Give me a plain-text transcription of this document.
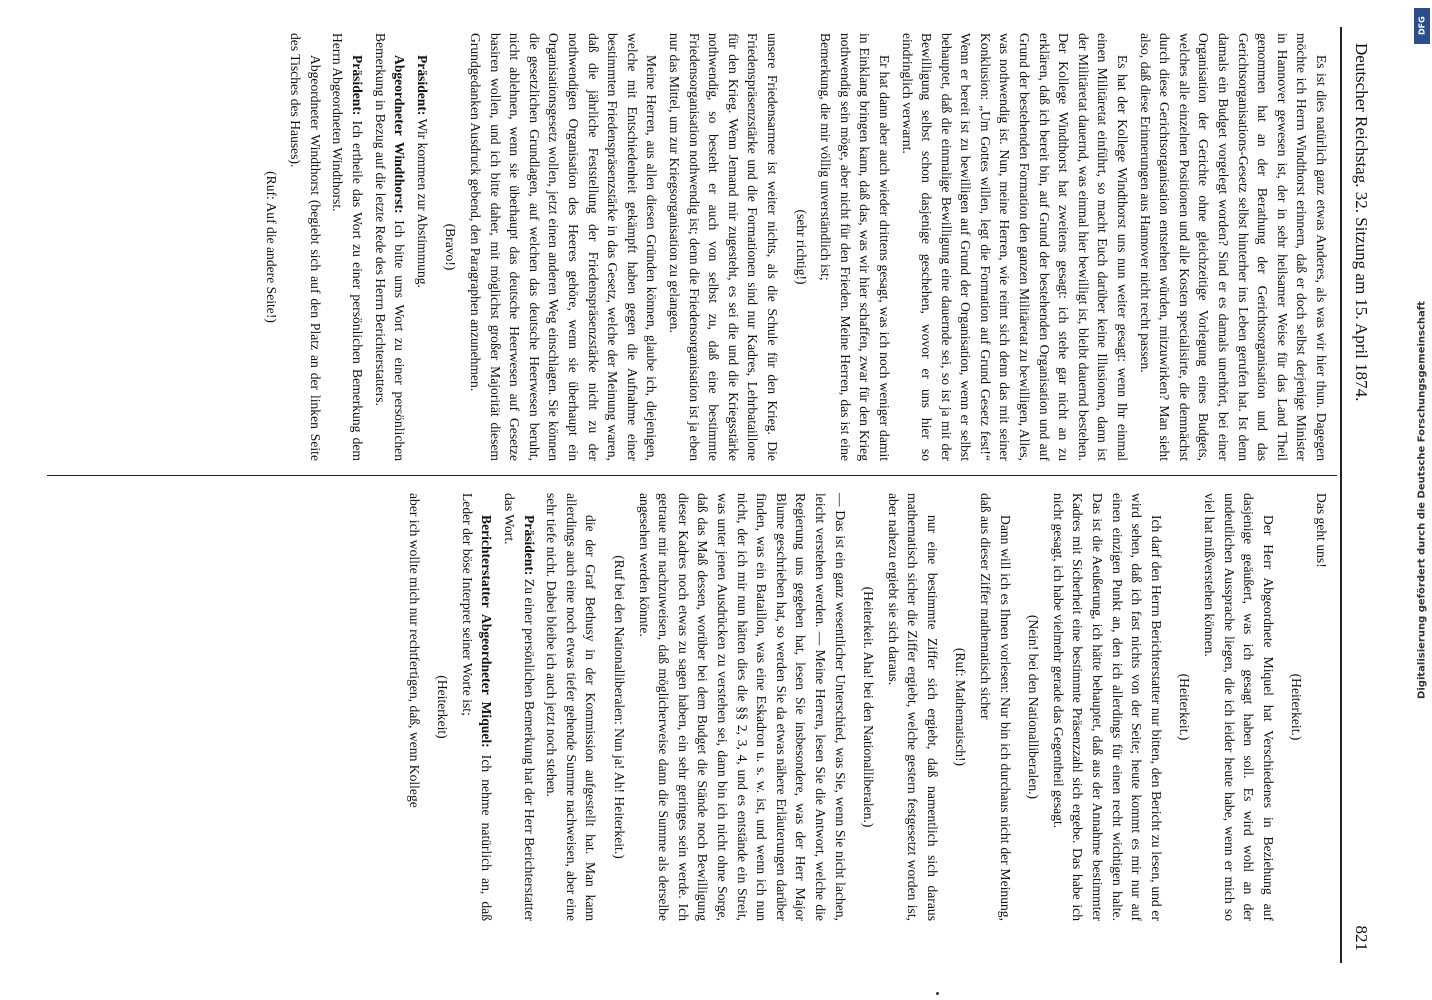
Digitalisierung gefördert durch die Deutsche Forschungsgemeinschaft
DFG
Deutscher Reichstag. 32. Sitzung am 15. April 1874.
821

Es ist dies natürlich ganz etwas Anderes, als was wir hier thun. Dagegen möchte ich Herrn Windthorst erinnern, daß er doch selbst derjenige Minister in Hannover gewesen ist, der in sehr heilsamer Weise für das Land Theil genommen hat an der Berathung der Gerichtsorganisation und das Gerichtsorganisations-Gesetz selbst hinterher ins Leben gerufen hat. Ist denn damals ein Budget vorgelegt worden? Sind er es damals unerhört, bei einer Organisation der Gerichte ohne gleichzeitige Vorlegung eines Budgets, welches alle einzelnen Positionen und alle Kosten specialisirte, die demnächst durch diese Gerichtsorganisation entstehen würden, mitzuwirken? Man sieht also, daß diese Erinnerungen aus Hannover nicht recht passen.

Es hat der Kollege Windthorst uns nun weiter gesagt: wenn Ihr einmal einen Militäretat einführt, so macht Euch darüber keine Illusionen, dann ist der Militäretat dauernd, was einmal hier bewilligt ist, bleibt dauernd bestehen. Der Kollege Windthorst hat zweitens gesagt: ich stehe gar nicht an zu erklären, daß ich bereit bin, auf Grund der bestehenden Organisation und auf Grund der bestehenden Formation den ganzen Militäretat zu bewilligen, Alles, was nothwendig ist. Nun, meine Herren, wie reimt sich denn das mit seiner Konklusion: „Um Gottes willen, legt die Formation auf Grund Gesetz fest!“ Wenn er bereit ist zu bewilligen auf Grund der Organisation, wenn er selbst behauptet, daß die einmalige Bewilligung eine dauernde sei, so ist ja mit der Bewilligung selbst schon dasjenige geschehen, wovor er uns hier so eindringlich verwarnt.

Er hat dann aber auch wieder drittens gesagt, was ich noch weniger damit in Einklang bringen kann, daß das, was wir hier schaffen, zwar für den Krieg nothwendig sein möge, aber nicht für den Frieden. Meine Herren, das ist eine Bemerkung, die mir völlig unverständlich ist;

(sehr richtig!)

unsere Friedensarmee ist weiter nichts, als die Schule für den Krieg. Die Friedenspräsenzstärke und die Formationen sind nur Kadres, Lehrbataillone für den Krieg. Wenn Jemand mir zugesteht, es sei die und die Kriegsstärke nothwendig, so besteht er auch von selbst zu, daß eine bestimmte Friedensorganisation nothwendig ist; denn die Friedensorganisation ist ja eben nur das Mittel, um zur Kriegsorganisation zu gelangen.

Meine Herren, aus allen diesen Gründen können, glaube ich, diejenigen, welche mit Entschiedenheit gekämpft haben gegen die Aufnahme einer bestimmten Friedenspräsenzstärke in das Gesetz, welche der Meinung waren, daß die jährliche Feststellung der Friedenspräsenzstärke nicht zu der nothwendigen Organisation des Heeres gehöre, wenn sie überhaupt ein Organisationsgesetz wollen, jetzt einen anderen Weg einschlagen. Sie können die gesetzlichen Grundlagen, auf welchen das deutsche Heerwesen beruht, nicht ablehnen, wenn sie überhaupt das deutsche Heerwesen auf Gesetze basiren wollen, und ich bitte daher, mit möglichst großer Majorität diesem Grundgedanken Ausdruck gebend, den Paragraphen anzunehmen.

(Bravo!)

Präsident: Wir kommen zur Abstimmung.

Abgeordneter Windthorst: Ich bitte ums Wort zu einer persönlichen Bemerkung in Bezug auf die letzte Rede des Herrn Berichterstatters.

Präsident: Ich ertheile das Wort zu einer persönlichen Bemerkung dem Herrn Abgeordneten Windthorst.

Abgeordneter Windthorst (begiebt sich auf den Platz an der linken Seite des Tisches des Hauses).

(Ruf: Auf die andere Seite!)

Das geht uns!

(Heiterkeit.)

Der Herr Abgeordnete Miquel hat Verschiedenes in Beziehung auf dasjenige geäußert, was ich gesagt haben soll. Es wird wohl an der undeutlichen Aussprache liegen, die ich leider heute habe, wenn er mich so viel hat mißverstehen können.

(Heiterkeit.)

Ich darf den Herrn Berichterstatter nur bitten, den Bericht zu lesen, und er wird sehen, daß ich fast nichts von der Seite; heute kommt es mir nur auf einen einzigen Punkt an, den ich allerdings für einen recht wichtigen halte. Das ist die Aeußerung, ich hätte behauptet, daß aus der Annahme bestimmter Kadres mit Sicherheit eine bestimmte Präsenzzahl sich ergebe. Das habe ich nicht gesagt, ich habe vielmehr gerade das Gegentheil gesagt.

(Nein! bei den Nationalliberalen.)

Dann will ich es Ihnen vorlesen: Nur bin ich durchaus nicht der Meinung, daß aus dieser Ziffer mathematisch sicher

(Ruf: Mathematisch!)

nur eine bestimmte Ziffer sich ergiebt, daß namentlich sich daraus mathematisch sicher die Ziffer ergiebt, welche gestern festgesetzt worden ist, aber nahezu ergiebt sie sich daraus.

(Heiterkeit. Aha! bei den Nationalliberalen.)

— Das ist ein ganz wesentlicher Unterschied, was Sie, wenn Sie nicht lachen, leicht verstehen werden. — Meine Herren, lesen Sie die Antwort, welche die Regierung uns gegeben hat, lesen Sie insbesondere, was der Herr Major Blume geschrieben hat, so werden Sie da etwas nähere Erläuterungen darüber finden, was ein Bataillon, was eine Eskadron u. s. w. ist, und wenn ich nun nicht, der ich mir nun hätten dies die §§ 2, 3, 4, und es entstände ein Streit, was unter jenen Ausdrücken zu verstehen sei, dann bin ich nicht ohne Sorge, daß das Maß dessen, worüber bei dem Budget die Stände noch Bewilligung dieser Kadres noch etwas zu sagen haben, ein sehr geringes sein werde. Ich getraue mir nachzuweisen, daß möglicherweise dann die Summe als derselbe angesehen werden könnte.

(Ruf bei den Nationalliberalen: Nun ja! Ah! Heiterkeit.)

die der Graf Bethusy in der Kommission aufgestellt hat. Man kann allerdings auch eine noch etwas tiefer gehende Summe nachweisen, aber eine sehr tiefe nicht. Dabei bleibe ich auch jetzt noch stehen.

Präsident: Zu einer persönlichen Bemerkung hat der Herr Berichterstatter das Wort.

Berichterstatter Abgeordneter Miquel: Ich nehme natürlich an, daß Leder der böse Interpret seiner Worte ist;

(Heiterkeit)

aber ich wollte mich nur rechtfertigen, daß, wenn Kollege
